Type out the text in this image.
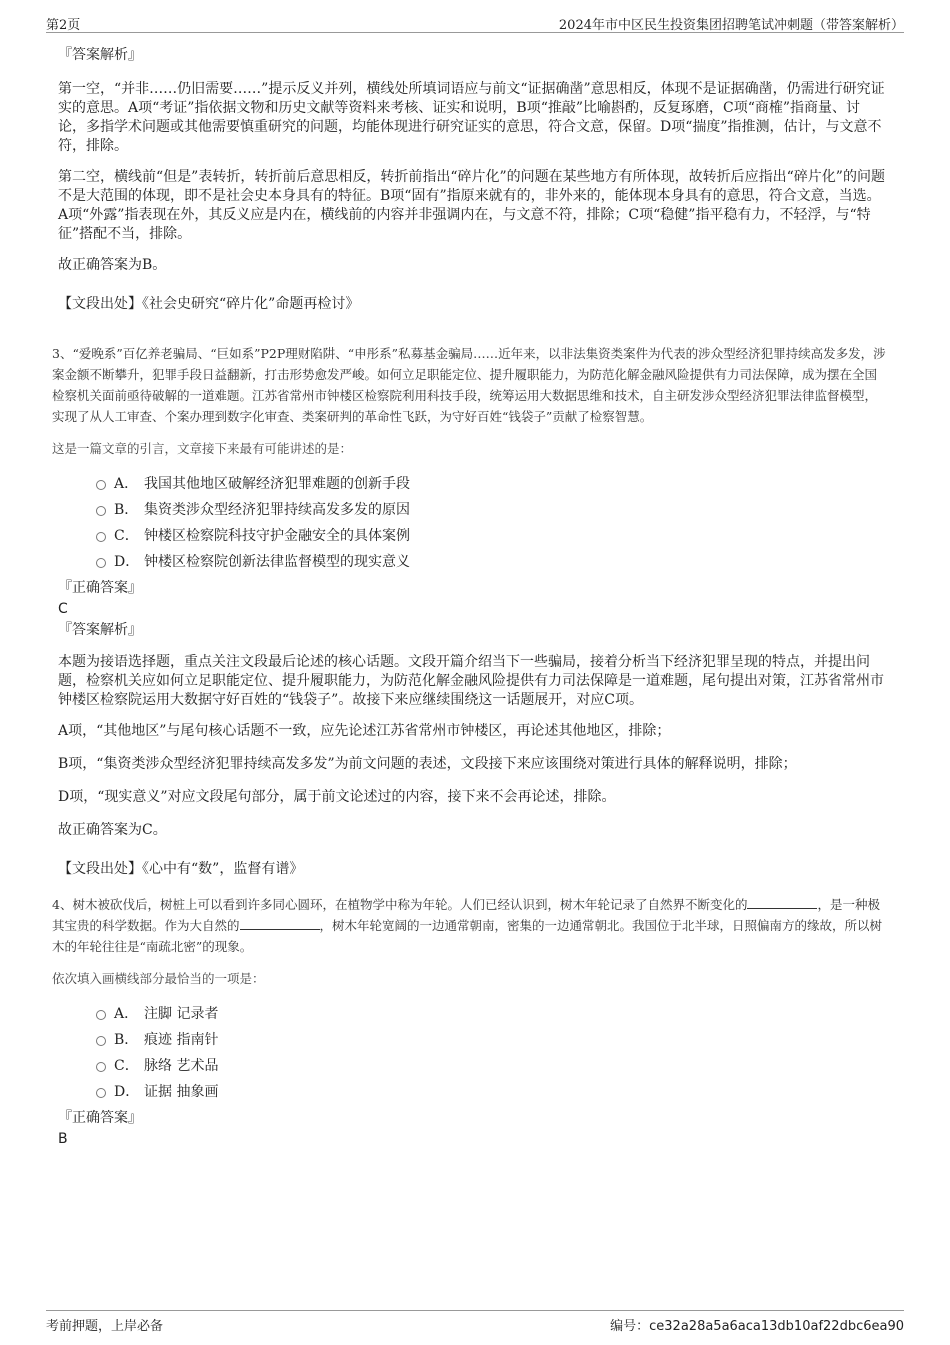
第2页	2024年市中区民生投资集团招聘笔试冲刺题（带答案解析）

『答案解析』

第一空，“并非……仍旧需要……”提示反义并列，横线处所填词语应与前文“证据确凿”意思相反，体现不是证据确凿，仍需进行研究证实的意思。A项“考证”指依据文物和历史文献等资料来考核、证实和说明，B项“推敲”比喻斟酌，反复琢磨，C项“商榷”指商量、讨论，多指学术问题或其他需要慎重研究的问题，均能体现进行研究证实的意思，符合文意，保留。D项“揣度”指推测，估计，与文意不符，排除。

第二空，横线前“但是”表转折，转折前后意思相反，转折前指出“碎片化”的问题在某些地方有所体现，故转折后应指出“碎片化”的问题不是大范围的体现，即不是社会史本身具有的特征。B项“固有”指原来就有的，非外来的，能体现本身具有的意思，符合文意，当选。A项“外露”指表现在外，其反义应是内在，横线前的内容并非强调内在，与文意不符，排除；C项“稳健”指平稳有力，不轻浮，与“特征”搭配不当，排除。

故正确答案为B。

【文段出处】《社会史研究“碎片化”命题再检讨》

3、“爱晚系”百亿养老骗局、“巨如系”P2P理财陷阱、“申彤系”私募基金骗局……近年来，以非法集资类案件为代表的涉众型经济犯罪持续高发多发，涉案金额不断攀升，犯罪手段日益翻新，打击形势愈发严峻。如何立足职能定位、提升履职能力，为防范化解金融风险提供有力司法保障，成为摆在全国检察机关面前亟待破解的一道难题。江苏省常州市钟楼区检察院利用科技手段，统筹运用大数据思维和技术，自主研发涉众型经济犯罪法律监督模型，实现了从人工审查、个案办理到数字化审查、类案研判的革命性飞跃，为守好百姓“钱袋子”贡献了检察智慧。

这是一篇文章的引言，文章接下来最有可能讲述的是：

A． 我国其他地区破解经济犯罪难题的创新手段
B． 集资类涉众型经济犯罪持续高发多发的原因
C． 钟楼区检察院科技守护金融安全的具体案例
D． 钟楼区检察院创新法律监督模型的现实意义

『正确答案』

C

『答案解析』

本题为接语选择题，重点关注文段最后论述的核心话题。文段开篇介绍当下一些骗局，接着分析当下经济犯罪呈现的特点，并提出问题，检察机关应如何立足职能定位、提升履职能力，为防范化解金融风险提供有力司法保障是一道难题，尾句提出对策，江苏省常州市钟楼区检察院运用大数据守好百姓的“钱袋子”。故接下来应继续围绕这一话题展开，对应C项。

A项，“其他地区”与尾句核心话题不一致，应先论述江苏省常州市钟楼区，再论述其他地区，排除；

B项，“集资类涉众型经济犯罪持续高发多发”为前文问题的表述，文段接下来应该围绕对策进行具体的解释说明，排除；

D项，“现实意义”对应文段尾句部分，属于前文论述过的内容，接下来不会再论述，排除。

故正确答案为C。

【文段出处】《心中有“数”，监督有谱》

4、树木被砍伐后，树桩上可以看到许多同心圆环，在植物学中称为年轮。人们已经认识到，树木年轮记录了自然界不断变化的	，是一种极其宝贵的科学数据。作为大自然的	，树木年轮宽阔的一边通常朝南，密集的一边通常朝北。我国位于北半球，日照偏南方的缘故，所以树木的年轮往往是“南疏北密”的现象。

依次填入画横线部分最恰当的一项是：

A． 注脚 记录者
B． 痕迹 指南针
C． 脉络 艺术品
D． 证据 抽象画

『正确答案』

B

考前押题，上岸必备	编号：ce32a28a5a6aca13db10af22dbc6ea90
